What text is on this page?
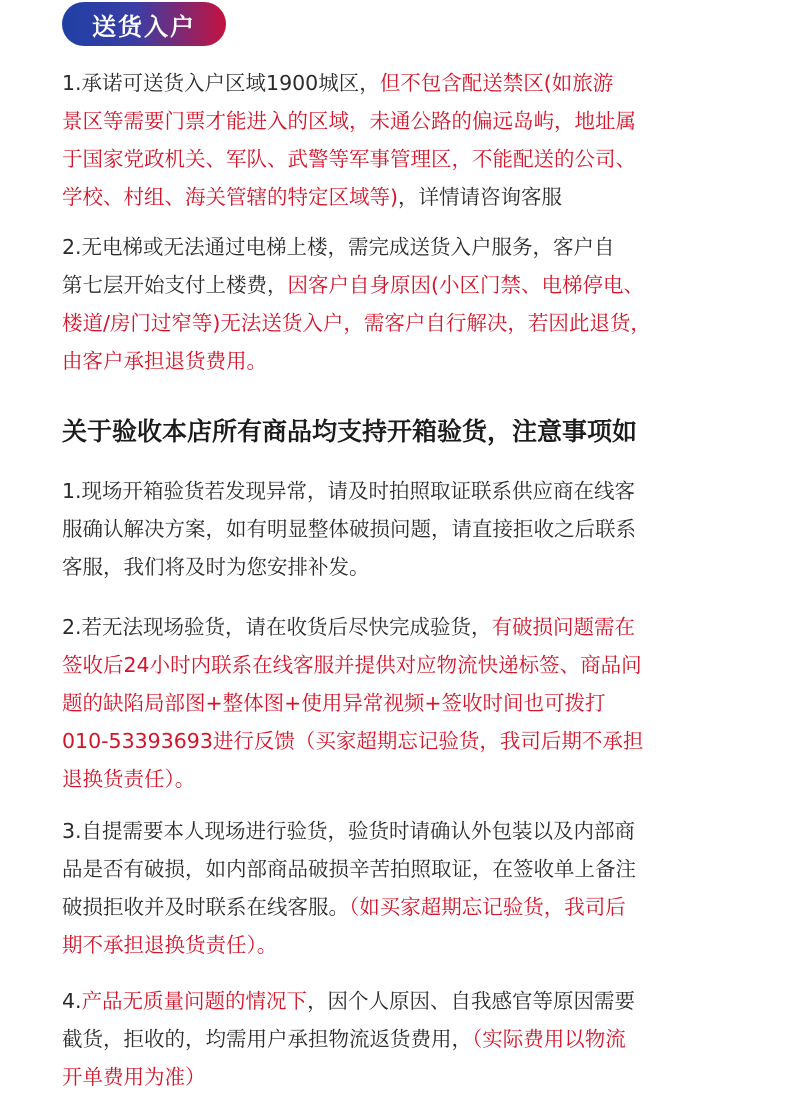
送货入户
1.承诺可送货入户区域1900城区，但不包含配送禁区(如旅游
景区等需要门票才能进入的区域，未通公路的偏远岛屿，地址属
于国家党政机关、军队、武警等军事管理区，不能配送的公司、
学校、村组、海关管辖的特定区域等)，详情请咨询客服
2.无电梯或无法通过电梯上楼，需完成送货入户服务，客户自
第七层开始支付上楼费，因客户自身原因(小区门禁、电梯停电、
楼道/房门过窄等)无法送货入户，需客户自行解决，若因此退货，
由客户承担退货费用。
关于验收本店所有商品均支持开箱验货，注意事项如
1.现场开箱验货若发现异常，请及时拍照取证联系供应商在线客
服确认解决方案，如有明显整体破损问题，请直接拒收之后联系
客服，我们将及时为您安排补发。
2.若无法现场验货，请在收货后尽快完成验货，有破损问题需在
签收后24小时内联系在线客服并提供对应物流快递标签、商品问
题的缺陷局部图+整体图+使用异常视频+签收时间也可拨打
010-53393693进行反馈（买家超期忘记验货，我司后期不承担
退换货责任）。
3.自提需要本人现场进行验货，验货时请确认外包装以及内部商
品是否有破损，如内部商品破损辛苦拍照取证，在签收单上备注
破损拒收并及时联系在线客服。（如买家超期忘记验货，我司后
期不承担退换货责任）。
4.产品无质量问题的情况下，因个人原因、自我感官等原因需要
截货，拒收的，均需用户承担物流返货费用，（实际费用以物流
开单费用为准）
